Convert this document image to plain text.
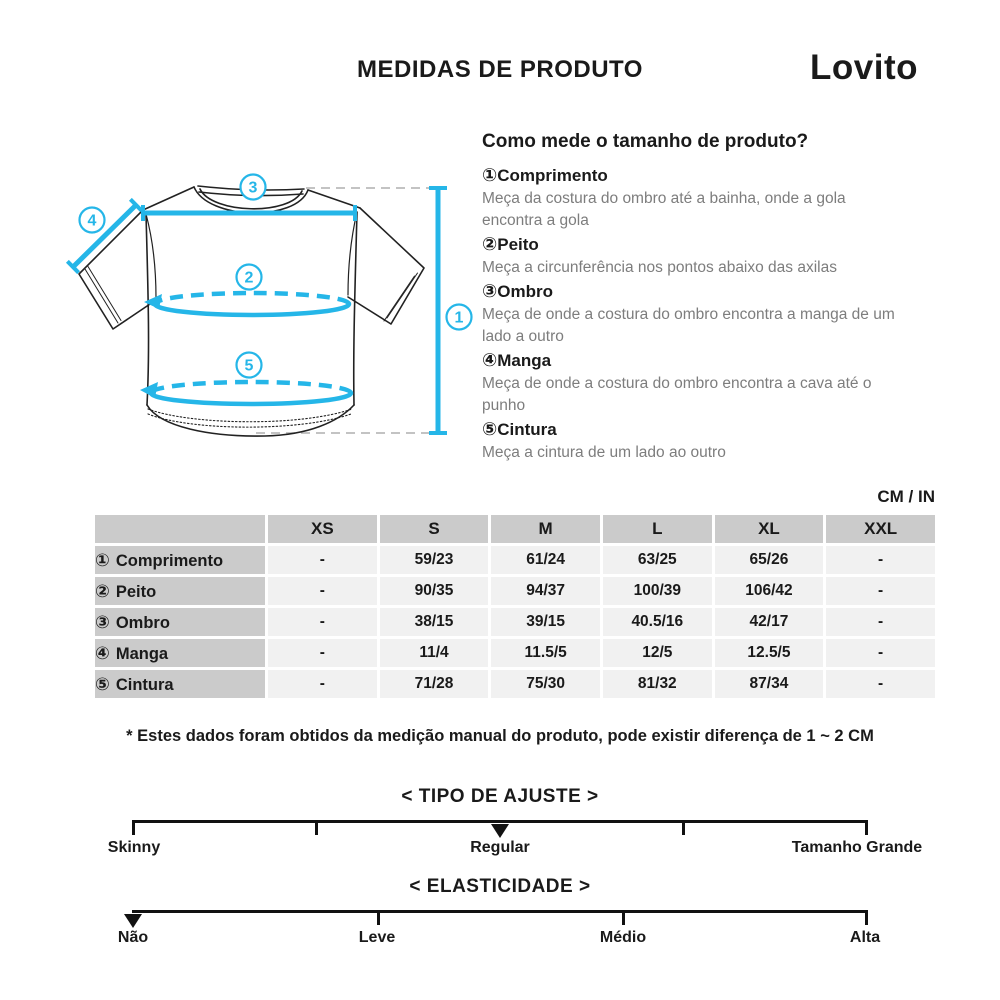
MEDIDAS DE PRODUTO	Lovito
3
4
2
5
1
Como mede o tamanho de produto?
①Comprimento
Meça da costura do ombro até a bainha, onde a gola encontra a gola
②Peito
Meça a circunferência nos pontos abaixo das axilas
③Ombro
Meça de onde a costura do ombro encontra a manga de um lado a outro
④Manga
Meça de onde a costura do ombro encontra a cava até o punho
⑤Cintura
Meça a cintura de um lado ao outro
CM / IN
	XS	S	M	L	XL	XXL
① Comprimento	-	59/23	61/24	63/25	65/26	-
② Peito	-	90/35	94/37	100/39	106/42	-
③ Ombro	-	38/15	39/15	40.5/16	42/17	-
④ Manga	-	11/4	11.5/5	12/5	12.5/5	-
⑤ Cintura	-	71/28	75/30	81/32	87/34	-
* Estes dados foram obtidos da medição manual do produto, pode existir diferença de 1 ~ 2 CM
< TIPO DE AJUSTE >
Skinny	Regular	Tamanho Grande
< ELASTICIDADE >
Não	Leve	Médio	Alta
